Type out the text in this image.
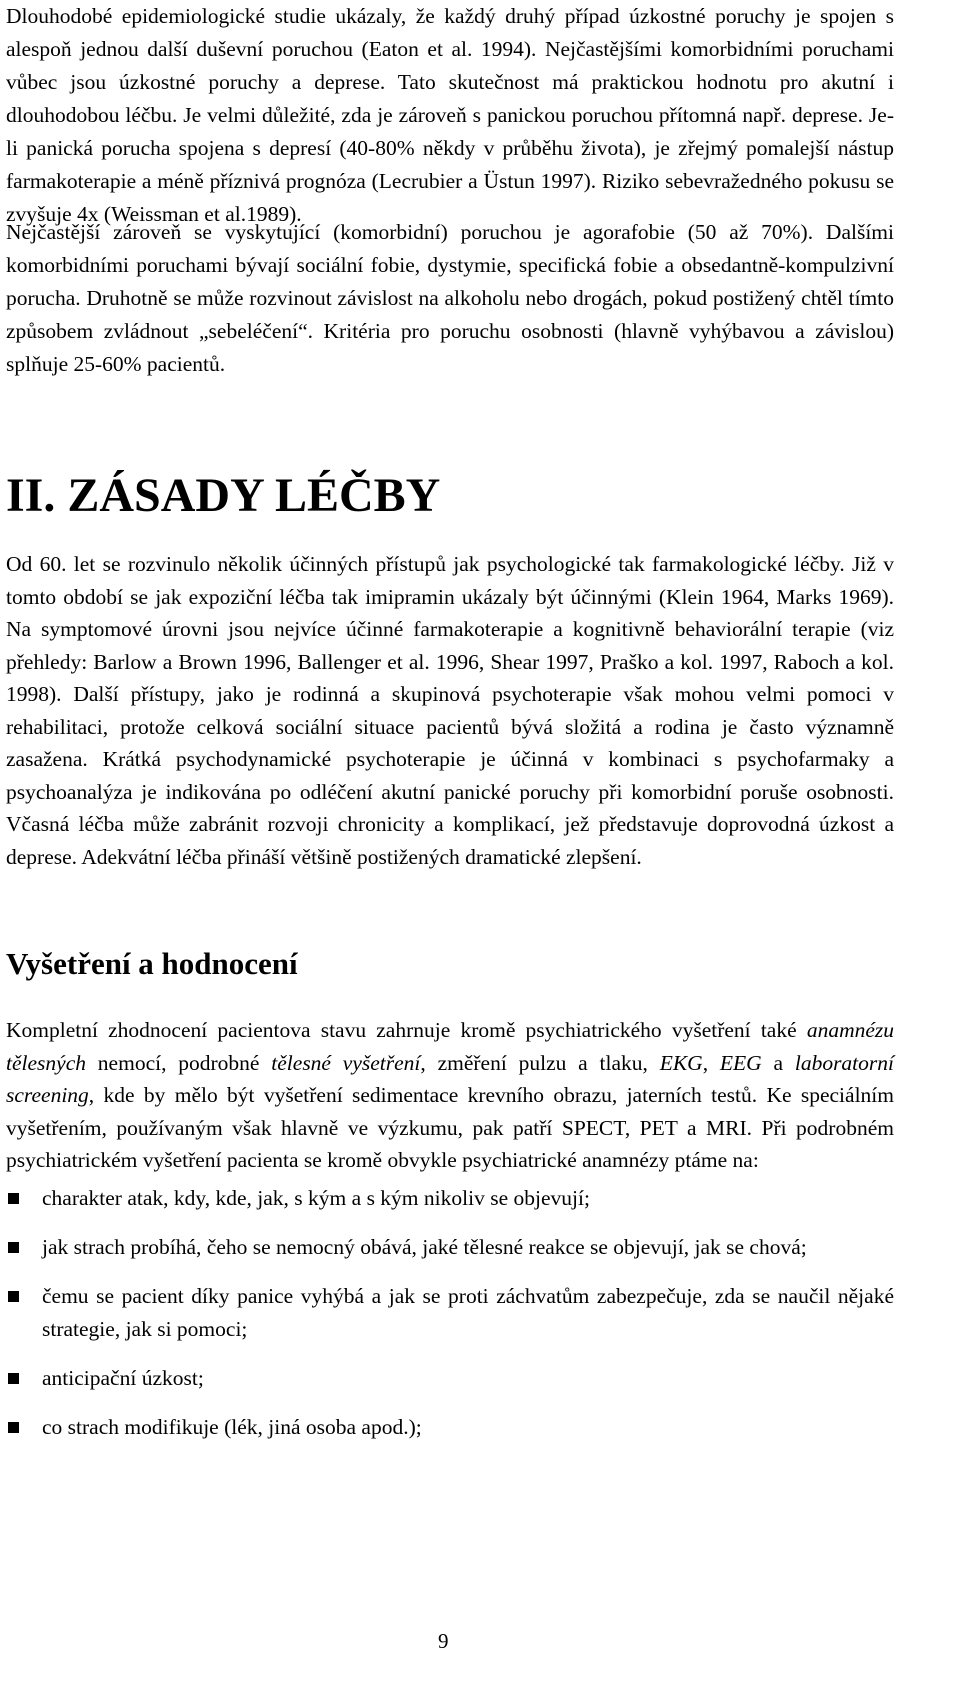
Dlouhodobé epidemiologické studie ukázaly, že každý druhý případ úzkostné poruchy je spojen s alespoň jednou další duševní poruchou (Eaton et al. 1994). Nejčastějšími komorbidními poruchami vůbec jsou úzkostné poruchy a deprese. Tato skutečnost má praktickou hodnotu pro akutní i dlouhodobou léčbu. Je velmi důležité, zda je zároveň s panickou poruchou přítomná např. deprese. Je-li panická porucha spojena s depresí (40-80% někdy v průběhu života), je zřejmý pomalejší nástup farmakoterapie a méně příznivá prognóza (Lecrubier a Üstun 1997). Riziko sebevražedného pokusu se zvyšuje 4x (Weissman et al.1989).

Nejčastější zároveň se vyskytující (komorbidní) poruchou je agorafobie (50 až 70%). Dalšími komorbidními poruchami bývají sociální fobie, dystymie, specifická fobie a obsedantně-kompulzivní porucha. Druhotně se může rozvinout závislost na alkoholu nebo drogách, pokud postižený chtěl tímto způsobem zvládnout „sebeléčení“. Kritéria pro poruchu osobnosti (hlavně vyhýbavou a závislou) splňuje 25-60% pacientů.

II. ZÁSADY LÉČBY

Od 60. let se rozvinulo několik účinných přístupů jak psychologické tak farmakologické léčby. Již v tomto období se jak expoziční léčba tak imipramin ukázaly být účinnými (Klein 1964, Marks 1969). Na symptomové úrovni jsou nejvíce účinné farmakoterapie a kognitivně behaviorální terapie (viz přehledy: Barlow a Brown 1996, Ballenger et al. 1996, Shear 1997, Praško a kol. 1997, Raboch a kol. 1998). Další přístupy, jako je rodinná a skupinová psychoterapie však mohou velmi pomoci v rehabilitaci, protože celková sociální situace pacientů bývá složitá a rodina je často významně zasažena. Krátká psychodynamické psychoterapie je účinná v kombinaci s psychofarmaky a psychoanalýza je indikována po odléčení akutní panické poruchy při komorbidní poruše osobnosti. Včasná léčba může zabránit rozvoji chronicity a komplikací, jež představuje doprovodná úzkost a deprese. Adekvátní léčba přináší většině postižených dramatické zlepšení.

Vyšetření a hodnocení

Kompletní zhodnocení pacientova stavu zahrnuje kromě psychiatrického vyšetření také anamnézu tělesných nemocí, podrobné tělesné vyšetření, změření pulzu a tlaku, EKG, EEG a laboratorní screening, kde by mělo být vyšetření sedimentace krevního obrazu, jaterních testů. Ke speciálním vyšetřením, používaným však hlavně ve výzkumu, pak patří SPECT, PET a MRI. Při podrobném psychiatrickém vyšetření pacienta se kromě obvykle psychiatrické anamnézy ptáme na:

charakter atak, kdy, kde, jak, s kým a s kým nikoliv se objevují;
jak strach probíhá, čeho se nemocný obává, jaké tělesné reakce se objevují, jak se chová;
čemu se pacient díky panice vyhýbá a jak se proti záchvatům zabezpečuje, zda se naučil nějaké strategie, jak si pomoci;
anticipační úzkost;
co strach modifikuje (lék, jiná osoba apod.);
9
